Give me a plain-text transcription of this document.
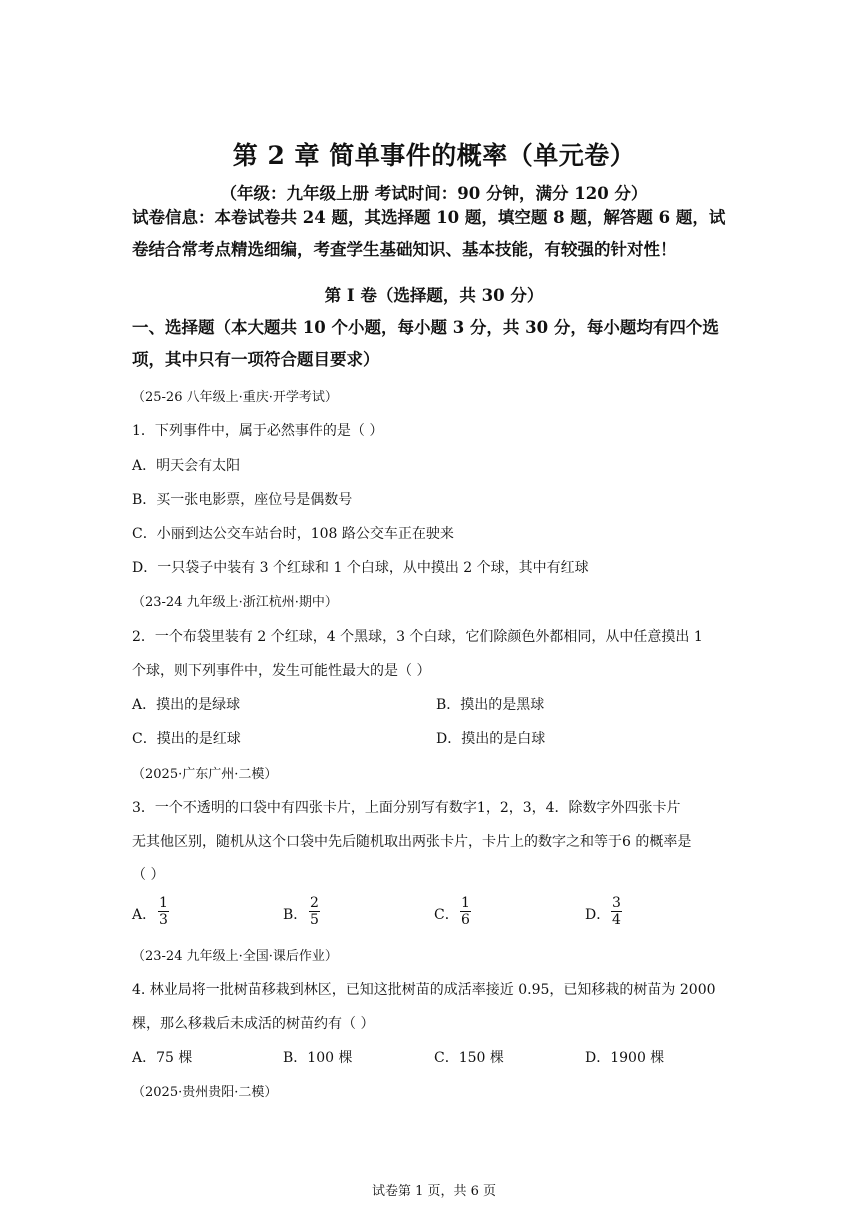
第 2 章 简单事件的概率（单元卷）
（年级：九年级上册 考试时间：90 分钟，满分 120 分）
试卷信息：本卷试卷共 24 题，其选择题 10 题，填空题 8 题，解答题 6 题，试
卷结合常考点精选细编，考查学生基础知识、基本技能，有较强的针对性！
第 I 卷（选择题，共 30 分）
一、选择题（本大题共 10 个小题，每小题 3 分，共 30 分，每小题均有四个选
项，其中只有一项符合题目要求）
（25-26 八年级上·重庆·开学考试）
1．下列事件中，属于必然事件的是（ ）
A．明天会有太阳
B．买一张电影票，座位号是偶数号
C．小丽到达公交车站台时，108 路公交车正在驶来
D．一只袋子中装有 3 个红球和 1 个白球，从中摸出 2 个球，其中有红球
（23-24 九年级上·浙江杭州·期中）
2．一个布袋里装有 2 个红球，4 个黑球，3 个白球，它们除颜色外都相同，从中任意摸出 1
个球，则下列事件中，发生可能性最大的是（ ）
A．摸出的是绿球	B．摸出的是黑球
C．摸出的是红球	D．摸出的是白球
（2025·广东广州·二模）
3．一个不透明的口袋中有四张卡片，上面分别写有数字1，2，3，4．除数字外四张卡片
无其他区别，随机从这个口袋中先后随机取出两张卡片，卡片上的数字之和等于6 的概率是
（ ）
A． $\frac{1}{3}$	B． $\frac{2}{5}$	C． $\frac{1}{6}$	D． $\frac{3}{4}$
（23-24 九年级上·全国·课后作业）
4. 林业局将一批树苗移栽到林区，已知这批树苗的成活率接近 0.95，已知移栽的树苗为 2000
棵，那么移栽后未成活的树苗约有（ ）
A．75 棵	B．100 棵	C．150 棵	D．1900 棵
（2025·贵州贵阳·二模）
试卷第 1 页，共 6 页
